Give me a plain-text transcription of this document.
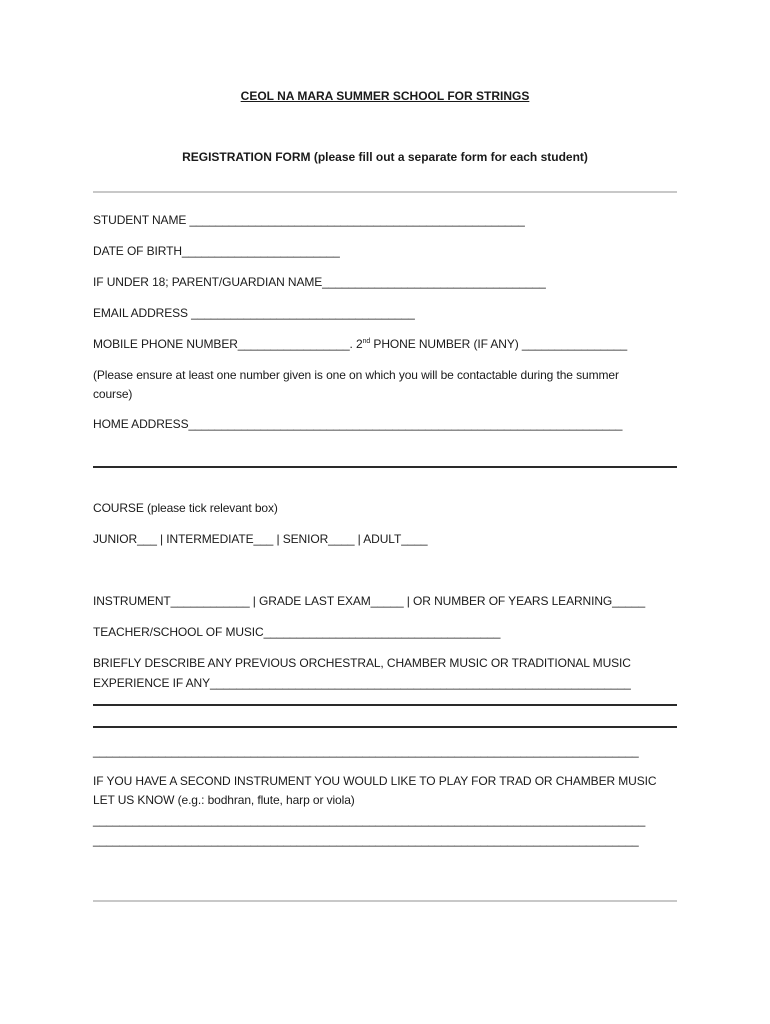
CEOL NA MARA SUMMER SCHOOL FOR STRINGS
REGISTRATION FORM (please fill out a separate form for each student)
STUDENT NAME ___________________________________________________
DATE OF BIRTH________________________
IF UNDER 18; PARENT/GUARDIAN NAME__________________________________
EMAIL ADDRESS __________________________________
MOBILE PHONE NUMBER_________________. 2nd PHONE NUMBER (IF ANY) ________________
(Please ensure at least one number given is one on which you will be contactable during the summer
course)
HOME ADDRESS__________________________________________________________________
COURSE (please tick relevant box)
JUNIOR___ | INTERMEDIATE___ | SENIOR____ | ADULT____
INSTRUMENT____________ | GRADE LAST EXAM_____ | OR NUMBER OF YEARS LEARNING_____
TEACHER/SCHOOL OF MUSIC____________________________________
BRIEFLY DESCRIBE ANY PREVIOUS ORCHESTRAL, CHAMBER MUSIC OR TRADITIONAL MUSIC
EXPERIENCE IF ANY________________________________________________________________
___________________________________________________________________________________
IF YOU HAVE A SECOND INSTRUMENT YOU WOULD LIKE TO PLAY FOR TRAD OR CHAMBER MUSIC
LET US KNOW (e.g.: bodhran, flute, harp or viola)
____________________________________________________________________________________
___________________________________________________________________________________
